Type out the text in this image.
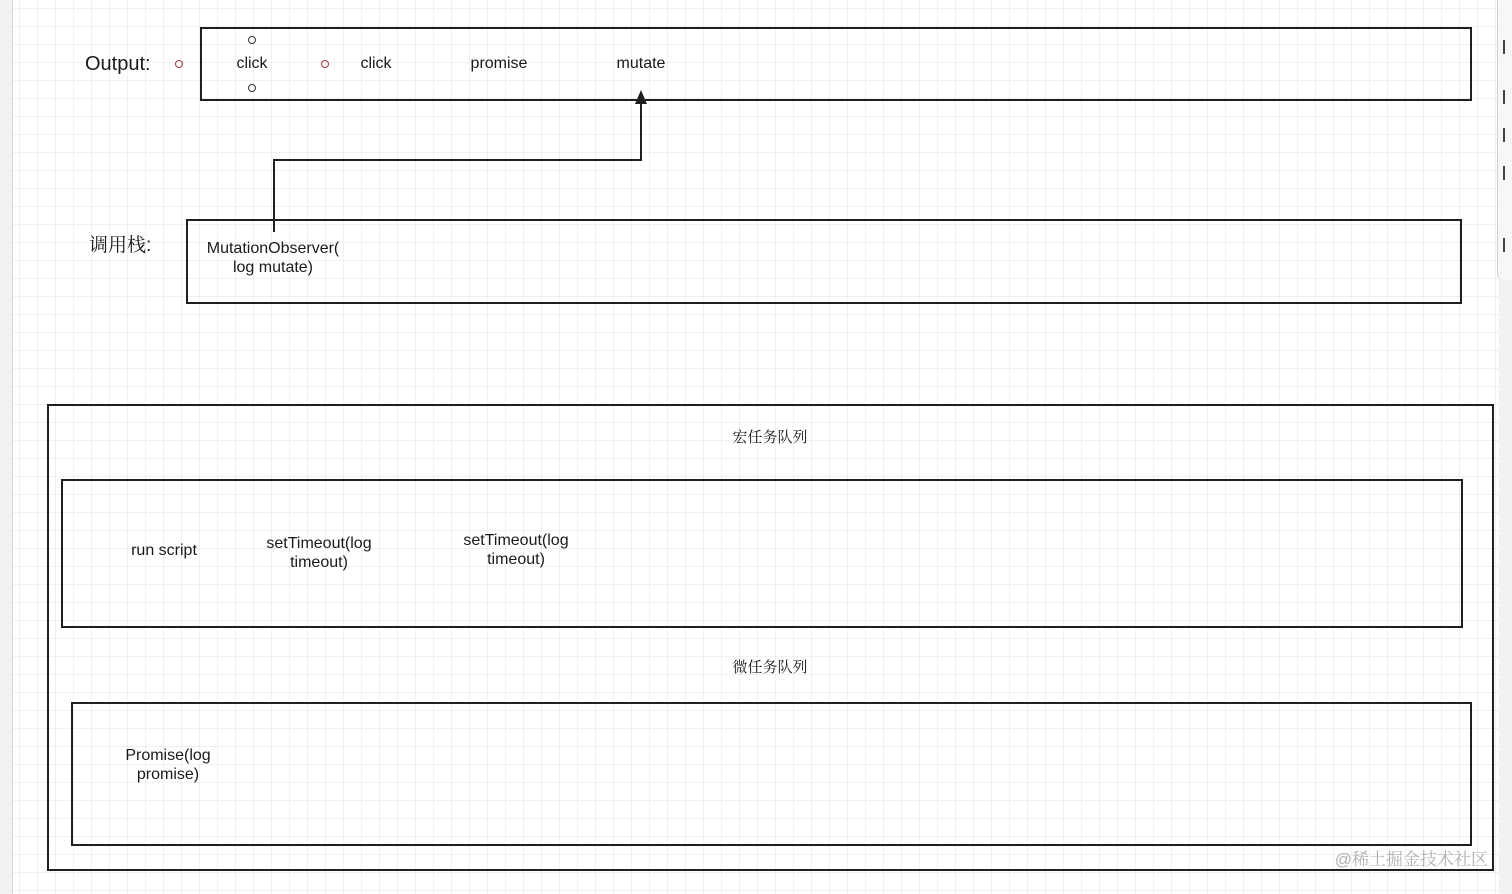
Output:	click	click	promise	mutate
调用栈:	MutationObserver(
log mutate)
宏任务队列
run script	setTimeout(log
timeout)
setTimeout(log
timeout)
微任务队列
Promise(log
promise)
@稀土掘金技术社区
